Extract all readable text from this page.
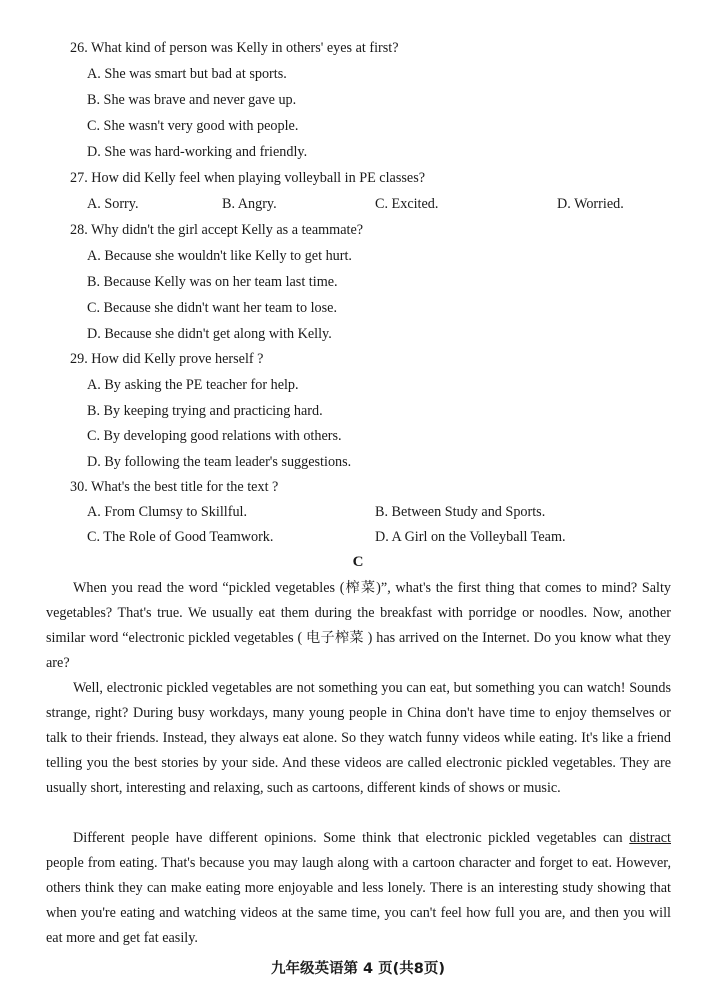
26. What kind of person was Kelly in others' eyes at first?
A. She was smart but bad at sports.
B. She was brave and never gave up.
C. She wasn't very good with people.
D. She was hard-working and friendly.
27. How did Kelly feel when playing volleyball in PE classes?
A. Sorry.	B. Angry.	C. Excited.	D. Worried.
28. Why didn't the girl accept Kelly as a teammate?
A. Because she wouldn't like Kelly to get hurt.
B. Because Kelly was on her team last time.
C. Because she didn't want her team to lose.
D. Because she didn't get along with Kelly.
29. How did Kelly prove herself ?
A. By asking the PE teacher for help.
B. By keeping trying and practicing hard.
C. By developing good relations with others.
D. By following the team leader's suggestions.
30. What's the best title for the text ?
A. From Clumsy to Skillful.	B. Between Study and Sports.
C. The Role of Good Teamwork.	D. A Girl on the Volleyball Team.
C

When you read the word “pickled vegetables (榨菜)”, what's the first thing that comes to mind? Salty vegetables? That's true. We usually eat them during the breakfast with porridge or noodles. Now, another similar word “electronic pickled vegetables ( 电子榨菜 ) has arrived on the Internet. Do you know what they are?

Well, electronic pickled vegetables are not something you can eat, but something you can watch! Sounds strange, right? During busy workdays, many young people in China don't have time to enjoy themselves or talk to their friends. Instead, they always eat alone. So they watch funny videos while eating. It's like a friend telling you the best stories by your side. And these videos are called electronic pickled vegetables. They are usually short, interesting and relaxing, such as cartoons, different kinds of shows or music.

Different people have different opinions. Some think that electronic pickled vegetables can distract people from eating. That's because you may laugh along with a cartoon character and forget to eat. However, others think they can make eating more enjoyable and less lonely. There is an interesting study showing that when you're eating and watching videos at the same time, you can't feel how full you are, and then you will eat more and get fat easily.

九年级英语第 4 页(共8页)
